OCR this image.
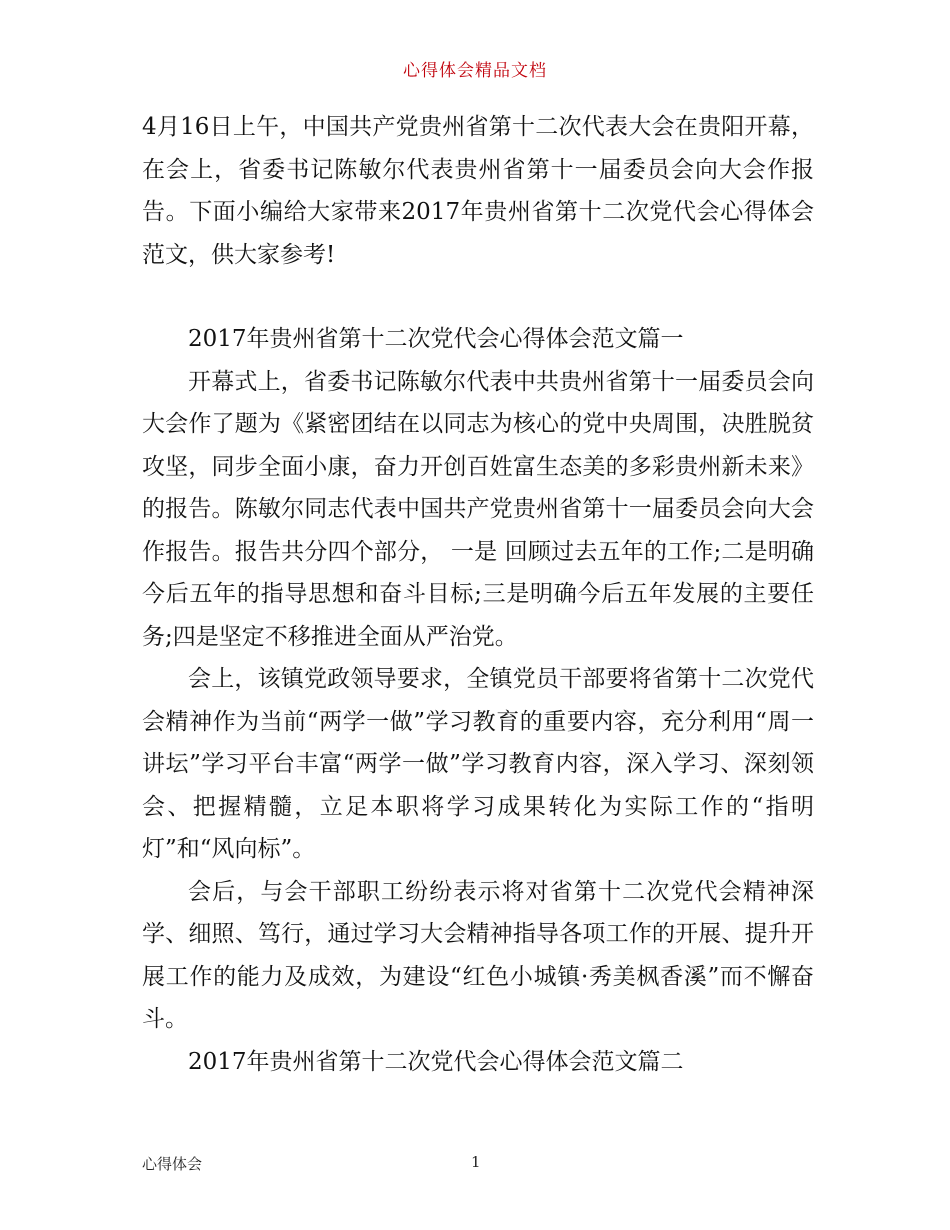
心得体会精品文档

4月16日上午，中国共产党贵州省第十二次代表大会在贵阳开幕，在会上，省委书记陈敏尔代表贵州省第十一届委员会向大会作报告。下面小编给大家带来2017年贵州省第十二次党代会心得体会范文，供大家参考!

2017年贵州省第十二次党代会心得体会范文篇一

开幕式上，省委书记陈敏尔代表中共贵州省第十一届委员会向大会作了题为《紧密团结在以同志为核心的党中央周围，决胜脱贫攻坚，同步全面小康，奋力开创百姓富生态美的多彩贵州新未来》的报告。陈敏尔同志代表中国共产党贵州省第十一届委员会向大会作报告。报告共分四个部分， 一是 回顾过去五年的工作;二是明确今后五年的指导思想和奋斗目标;三是明确今后五年发展的主要任务;四是坚定不移推进全面从严治党。

会上，该镇党政领导要求，全镇党员干部要将省第十二次党代会精神作为当前“两学一做”学习教育的重要内容，充分利用“周一讲坛”学习平台丰富“两学一做”学习教育内容，深入学习、深刻领会、把握精髓，立足本职将学习成果转化为实际工作的“指明灯”和“风向标”。

会后，与会干部职工纷纷表示将对省第十二次党代会精神深学、细照、笃行，通过学习大会精神指导各项工作的开展、提升开展工作的能力及成效，为建设“红色小城镇·秀美枫香溪”而不懈奋斗。

2017年贵州省第十二次党代会心得体会范文篇二

心得体会	1
